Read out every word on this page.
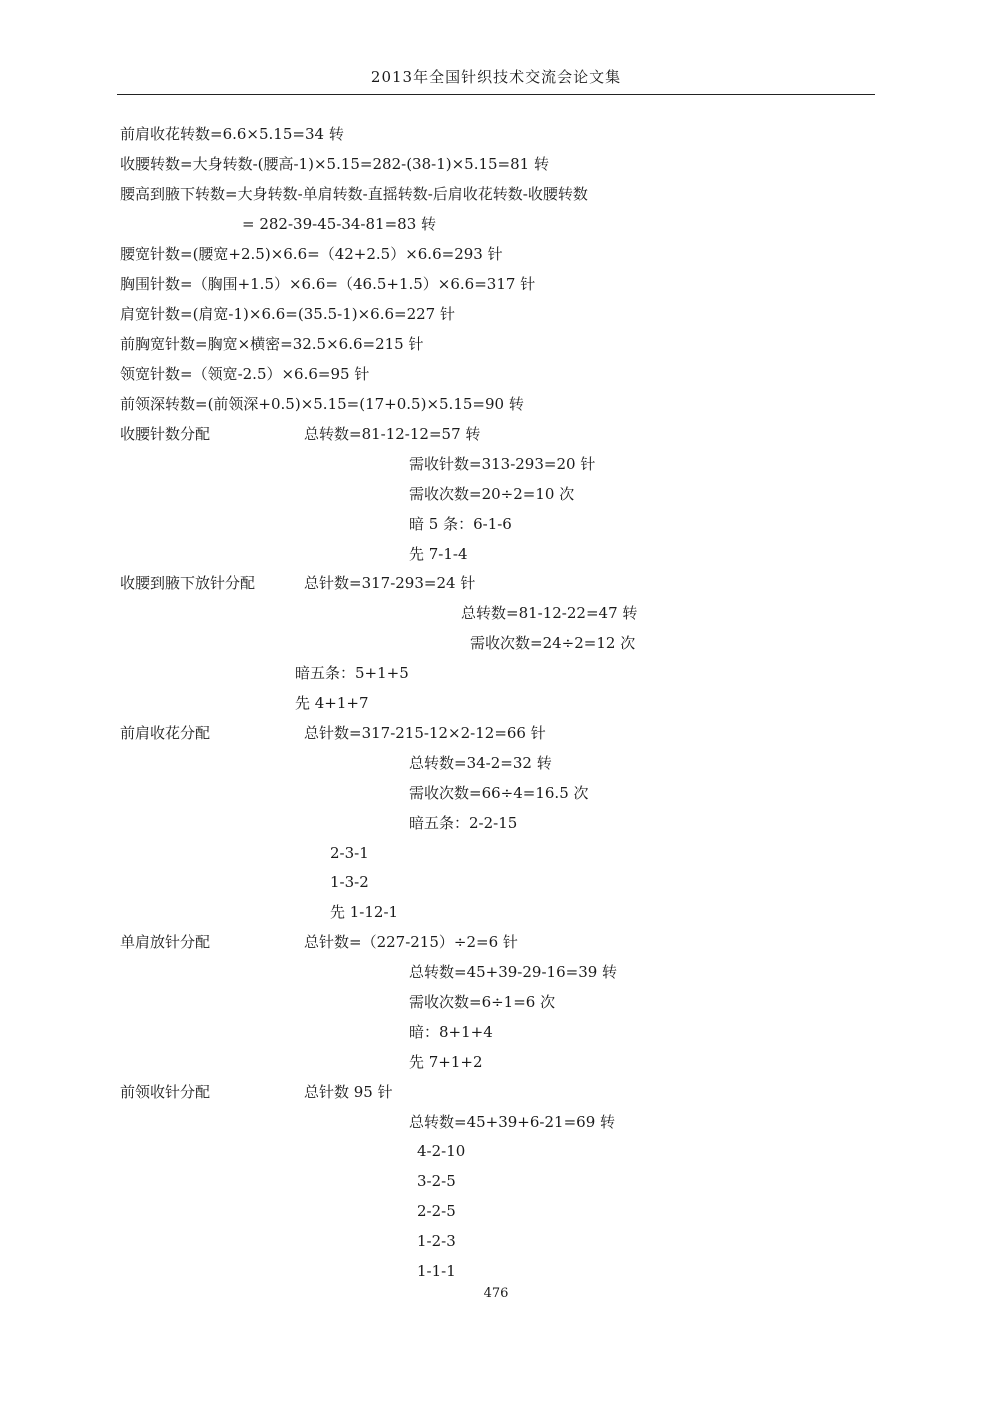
2013年全国针织技术交流会论文集
前肩收花转数=6.6×5.15=34 转
收腰转数=大身转数-(腰高-1)×5.15=282-(38-1)×5.15=81 转
腰高到腋下转数=大身转数-单肩转数-直摇转数-后肩收花转数-收腰转数
= 282-39-45-34-81=83 转
腰宽针数=(腰宽+2.5)×6.6=（42+2.5）×6.6=293 针
胸围针数=（胸围+1.5）×6.6=（46.5+1.5）×6.6=317 针
肩宽针数=(肩宽-1)×6.6=(35.5-1)×6.6=227 针
前胸宽针数=胸宽×横密=32.5×6.6=215 针
领宽针数=（领宽-2.5）×6.6=95 针
前领深转数=(前领深+0.5)×5.15=(17+0.5)×5.15=90 转
收腰针数分配	总转数=81-12-12=57 转
需收针数=313-293=20 针
需收次数=20÷2=10 次
暗 5 条：6-1-6
先 7-1-4
收腰到腋下放针分配	总针数=317-293=24 针
总转数=81-12-22=47 转
需收次数=24÷2=12 次
暗五条：5+1+5
先 4+1+7
前肩收花分配	总针数=317-215-12×2-12=66 针
总转数=34-2=32 转
需收次数=66÷4=16.5 次
暗五条：2-2-15
2-3-1
1-3-2
先 1-12-1
单肩放针分配	总针数=（227-215）÷2=6 针
总转数=45+39-29-16=39 转
需收次数=6÷1=6 次
暗：8+1+4
先 7+1+2
前领收针分配	总针数 95 针
总转数=45+39+6-21=69 转
4-2-10
3-2-5
2-2-5
1-2-3
1-1-1
476
